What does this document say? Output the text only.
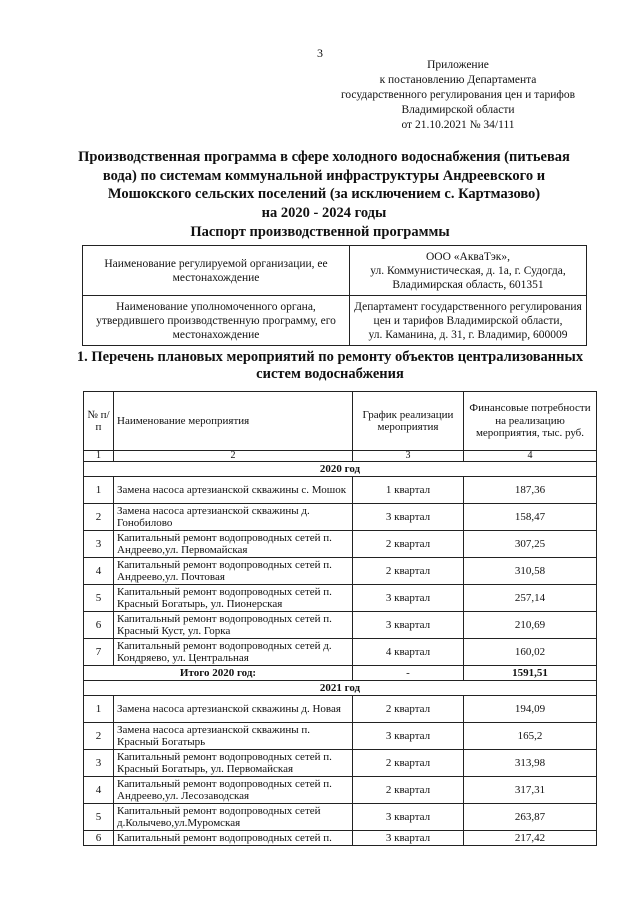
3
Приложение
к постановлению Департамента
государственного регулирования цен и тарифов
Владимирской области
от 21.10.2021 № 34/111
Производственная программа в сфере холодного водоснабжения (питьевая
вода) по системам коммунальной инфраструктуры Андреевского и
Мошокского сельских поселений (за исключением с. Картмазово)
на 2020 - 2024 годы
Паспорт производственной программы
Наименование регулируемой организации, ее местонахождение	ООО «АкваТэк»,
ул. Коммунистическая, д. 1а, г. Судогда,
Владимирская область, 601351

Наименование уполномоченного органа, утвердившего производственную программу, его местонахождение	Департамент государственного регулирования цен и тарифов Владимирской области,
ул. Каманина, д. 31, г. Владимир, 600009
1. Перечень плановых мероприятий по ремонту объектов централизованных систем водоснабжения
№ п/п	Наименование мероприятия	График реализации мероприятия	Финансовые потребности на реализацию мероприятия, тыс. руб.
1	2	3	4
2020 год			
1	Замена насоса артезианской скважины с. Мошок	1 квартал	187,36
2	Замена насоса артезианской скважины д. Гонобилово	3 квартал	158,47
3	Капитальный ремонт водопроводных сетей п. Андреево,ул. Первомайская	2 квартал	307,25
4	Капитальный ремонт водопроводных сетей п. Андреево,ул. Почтовая	2 квартал	310,58
5	Капитальный ремонт водопроводных сетей п. Красный Богатырь, ул. Пионерская	3 квартал	257,14
6	Капитальный ремонт водопроводных сетей п. Красный Куст, ул. Горка	3 квартал	210,69
7	Капитальный ремонт водопроводных сетей д. Кондряево, ул. Центральная	4 квартал	160,02
Итого 2020 год:		-	1591,51
2021 год			
1	Замена насоса артезианской скважины д. Новая	2 квартал	194,09
2	Замена насоса артезианской скважины п. Красный Богатырь	3 квартал	165,2
3	Капитальный ремонт водопроводных сетей п. Красный Богатырь, ул. Первомайская	2 квартал	313,98
4	Капитальный ремонт водопроводных сетей п. Андреево,ул. Лесозаводская	2 квартал	317,31
5	Капитальный ремонт водопроводных сетей д.Колычево,ул.Муромская	3 квартал	263,87
6	Капитальный ремонт водопроводных сетей п.	3 квартал	217,42
